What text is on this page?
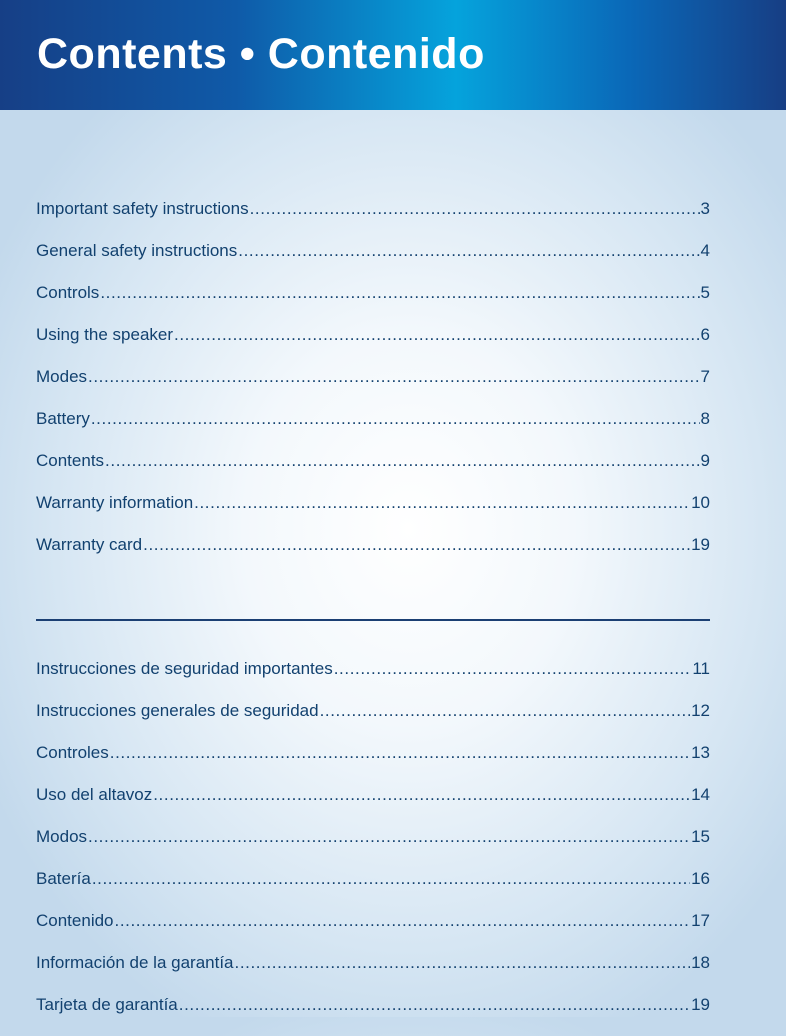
Contents • Contenido
Important safety instructions .....	3
General safety instructions .....	4
Controls .....	5
Using the speaker .....	6
Modes .....	7
Battery .....	8
Contents .....	9
Warranty information .....	10
Warranty card .....	19
Instrucciones de seguridad importantes .....	11
Instrucciones generales de seguridad .....	12
Controles .....	13
Uso del altavoz .....	14
Modos .....	15
Batería .....	16
Contenido .....	17
Información de la garantía .....	18
Tarjeta de garantía .....	19
